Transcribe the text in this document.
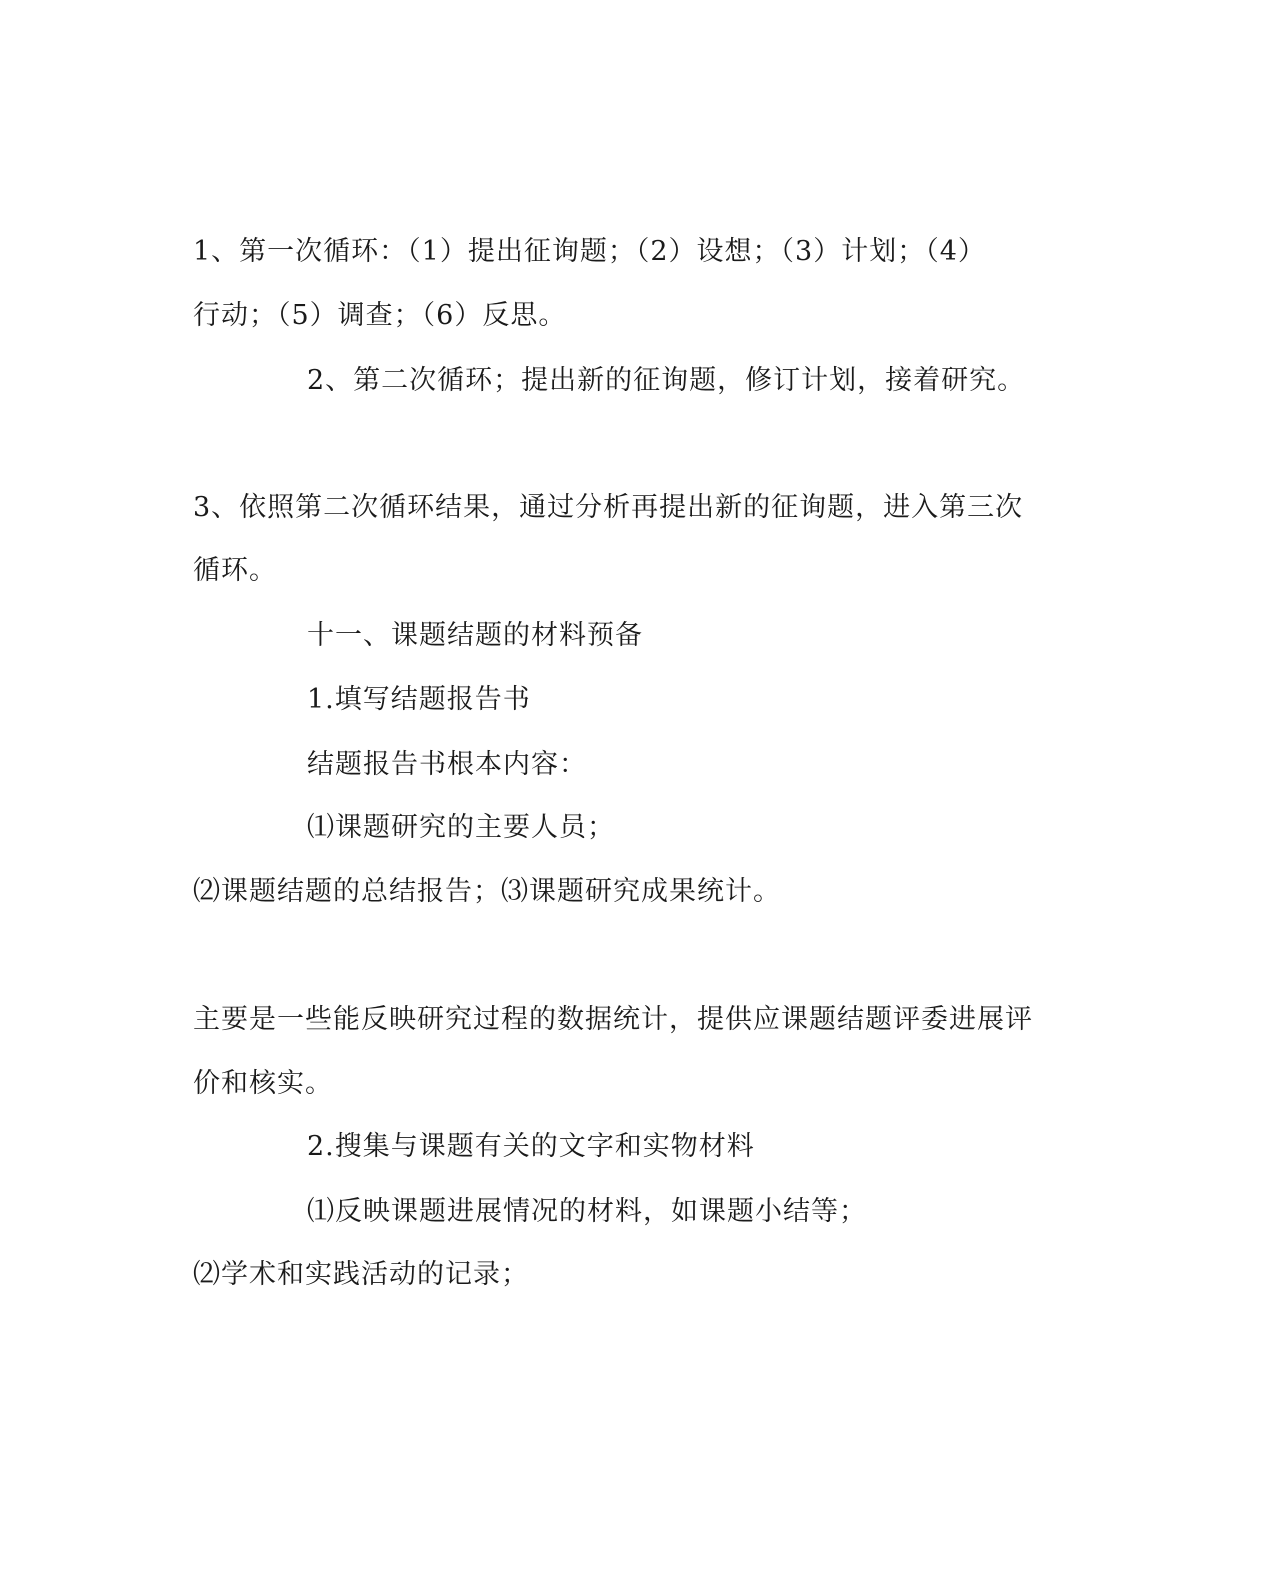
1、第一次循环：（1）提出征询题；（2）设想；（3）计划；（4）
行动；（5）调查；（6）反思。
2、第二次循环；提出新的征询题，修订计划，接着研究。
3、依照第二次循环结果，通过分析再提出新的征询题，进入第三次
循环。
十一、课题结题的材料预备
1.填写结题报告书
结题报告书根本内容：
⑴课题研究的主要人员；
⑵课题结题的总结报告；⑶课题研究成果统计。
主要是一些能反映研究过程的数据统计，提供应课题结题评委进展评
价和核实。
2.搜集与课题有关的文字和实物材料
⑴反映课题进展情况的材料，如课题小结等；
⑵学术和实践活动的记录；
